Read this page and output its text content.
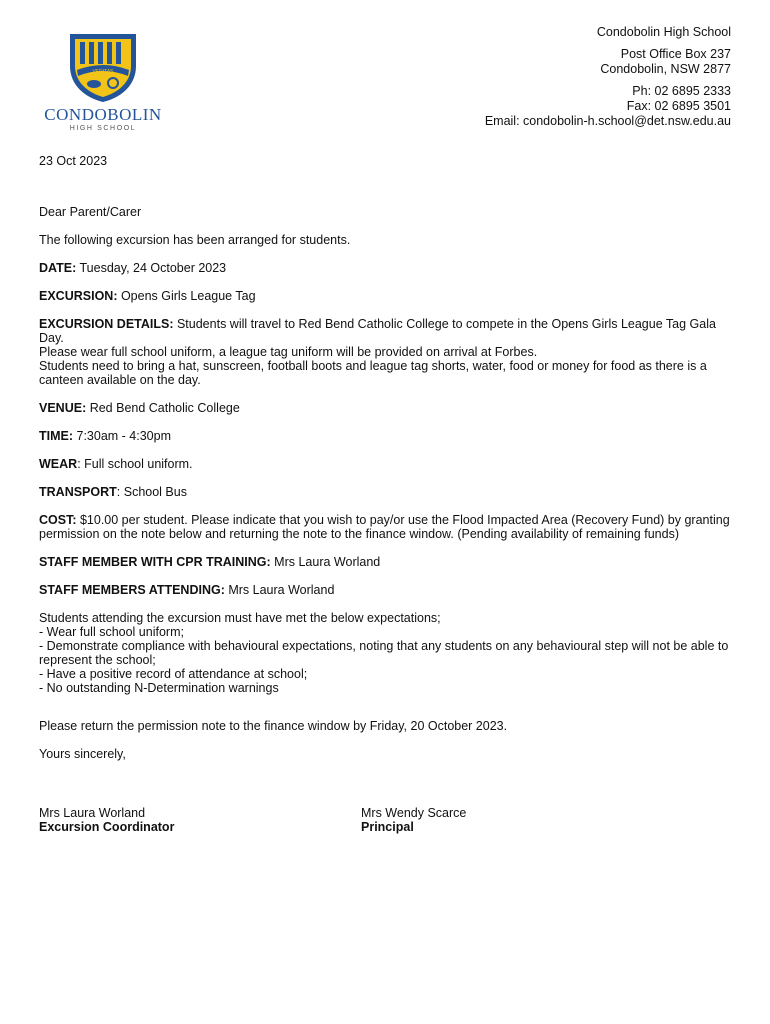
VERITAS
CONDOBOLIN
HIGH SCHOOL
Condobolin High School
Post Office Box 237
Condobolin, NSW 2877
Ph: 02 6895 2333
Fax: 02 6895 3501
Email: condobolin-h.school@det.nsw.edu.au
23 Oct 2023

Dear Parent/Carer

The following excursion has been arranged for students.

DATE: Tuesday, 24 October 2023

EXCURSION: Opens Girls League Tag

EXCURSION DETAILS: Students will travel to Red Bend Catholic College to compete in the Opens Girls League Tag Gala Day.
Please wear full school uniform, a league tag uniform will be provided on arrival at Forbes.
Students need to bring a hat, sunscreen, football boots and league tag shorts, water, food or money for food as there is a canteen available on the day.

VENUE: Red Bend Catholic College

TIME: 7:30am - 4:30pm

WEAR: Full school uniform.

TRANSPORT: School Bus

COST: $10.00 per student. Please indicate that you wish to pay/or use the Flood Impacted Area (Recovery Fund) by granting permission on the note below and returning the note to the finance window. (Pending availability of remaining funds)

STAFF MEMBER WITH CPR TRAINING: Mrs Laura Worland

STAFF MEMBERS ATTENDING: Mrs Laura Worland

Students attending the excursion must have met the below expectations;
- Wear full school uniform;
- Demonstrate compliance with behavioural expectations, noting that any students on any behavioural step will not be able to represent the school;
- Have a positive record of attendance at school;
- No outstanding N-Determination warnings

Please return the permission note to the finance window by Friday, 20 October 2023.

Yours sincerely,

Mrs Laura Worland
Excursion Coordinator
Mrs Wendy Scarce
Principal
